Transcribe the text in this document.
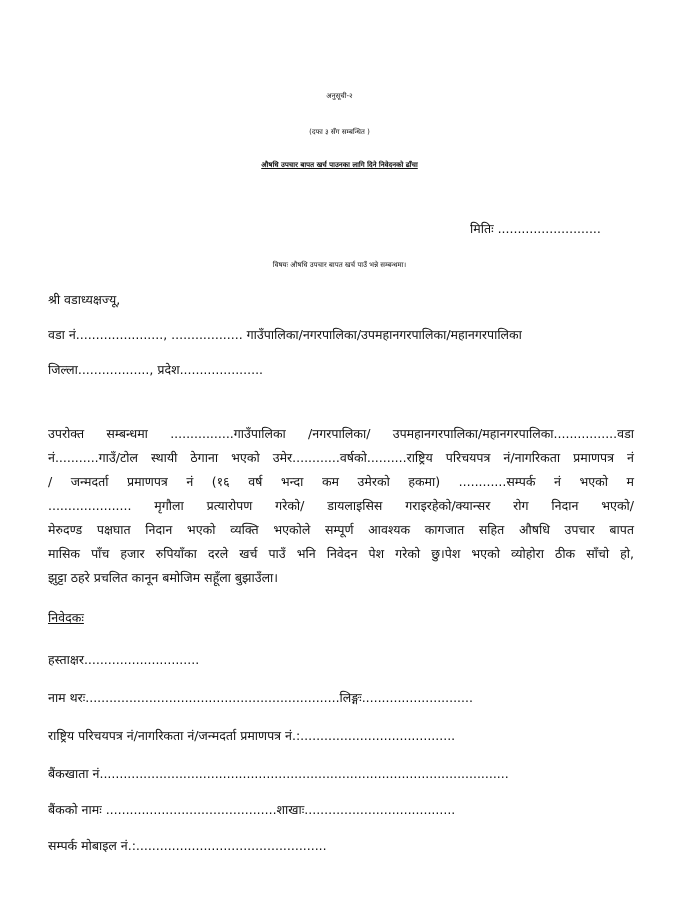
अनुसूची-२
(दफा ३ सँग सम्बन्धित )
औषधि उपचार बापत खर्च पाउनका लागि दिने निवेदनको ढाँचा
मितिः ..........................
विषयः औषधि उपचार बापत खर्च पाउँ भन्ने सम्बन्धमा।
श्री वडाध्यक्षज्यू,
वडा नं......................, .................. गाउँपालिका/नगरपालिका/उपमहानगरपालिका/महानगरपालिका
जिल्ला.................., प्रदेश.....................
उपरोक्त सम्बन्धमा ................गाउँपालिका /नगरपालिका/ उपमहानगरपालिका/महानगरपालिका................वडा
नं...........गाउँ/टोल स्थायी ठेगाना भएको उमेर............वर्षको..........राष्ट्रिय परिचयपत्र नं/नागरिकता प्रमाणपत्र नं
/ जन्मदर्ता प्रमाणपत्र नं (१६ वर्ष भन्दा कम उमेरको हकमा) ............सम्पर्क नं भएको म
..................... मृगौला प्रत्यारोपण गरेको/ डायलाइसिस गराइरहेको/क्यान्सर रोग निदान भएको/
मेरुदण्ड पक्षघात निदान भएको व्यक्ति भएकोले सम्पूर्ण आवश्यक कागजात सहित औषधि उपचार बापत
मासिक पाँच हजार रुपियाँका दरले खर्च पाउँ भनि निवेदन पेश गरेको छु।पेश भएको व्योहोरा ठीक साँचो हो,
झुट्टा ठहरे प्रचलित कानून बमोजिम सहूँला बुझाउँला।
निवेदकः
हस्ताक्षर.............................
नाम थरः................................................................लिङ्गः............................
राष्ट्रिय परिचयपत्र नं/नागरिकता नं/जन्मदर्ता प्रमाणपत्र नं.:.......................................
बैंकखाता नं.......................................................................................................
बैंकको नामः ...........................................शाखाः......................................
सम्पर्क मोबाइल नं.:................................................
